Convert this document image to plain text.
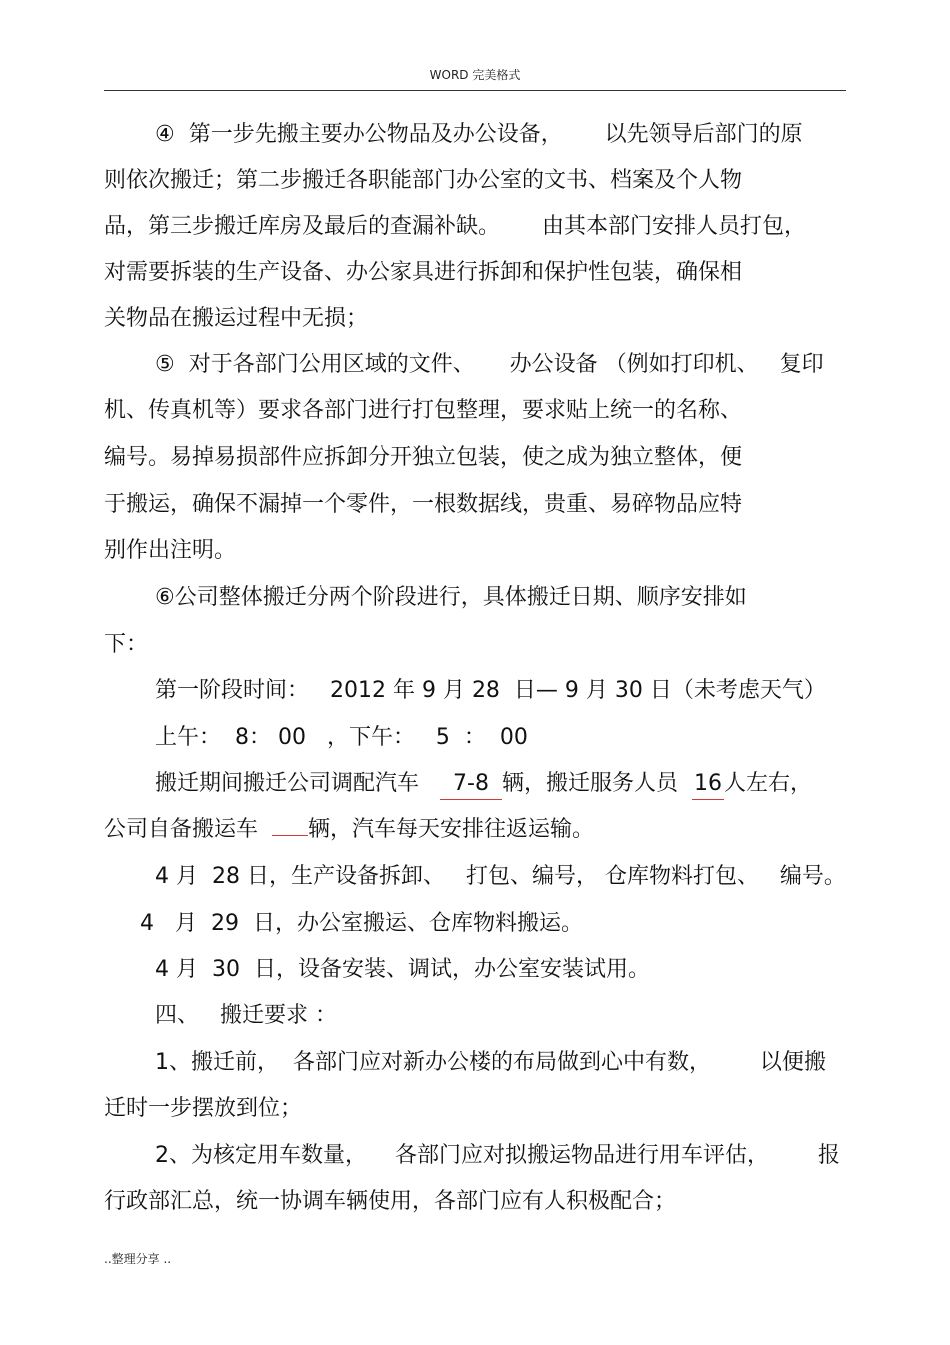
WORD 完美格式
④  第一步先搬主要办公物品及办公设备，      以先领导后部门的原
则依次搬迁；第二步搬迁各职能部门办公室的文书、档案及个人物
品，第三步搬迁库房及最后的查漏补缺。      由其本部门安排人员打包，
对需要拆装的生产设备、办公家具进行拆卸和保护性包装，确保相
关物品在搬运过程中无损；
⑤  对于各部门公用区域的文件、     办公设备 （例如打印机、   复印
机、传真机等）要求各部门进行打包整理，要求贴上统一的名称、
编号。易掉易损部件应拆卸分开独立包装，使之成为独立整体，便
于搬运，确保不漏掉一个零件，一根数据线，贵重、易碎物品应特
别作出注明。
⑥公司整体搬迁分两个阶段进行，具体搬迁日期、顺序安排如
下：
第一阶段时间：   2012 年 9 月 28  日— 9 月 30 日（未考虑天气）
上午：  8： 00   ，下午：   5  ：  00
搬迁期间搬迁公司调配汽车   7-8 辆，搬迁服务人员  16人左右，
公司自备搬运车  辆，汽车每天安排往返运输。
4 月  28 日，生产设备拆卸、   打包、编号， 仓库物料打包、   编号。
4   月  29  日，办公室搬运、仓库物料搬运。
4 月  30  日，设备安装、调试，办公室安装试用。
四、   搬迁要求 ：
1、搬迁前，  各部门应对新办公楼的布局做到心中有数，       以便搬
迁时一步摆放到位；
2、为核定用车数量，    各部门应对拟搬运物品进行用车评估，       报
行政部汇总，统一协调车辆使用，各部门应有人积极配合；
..整理分享 ..
